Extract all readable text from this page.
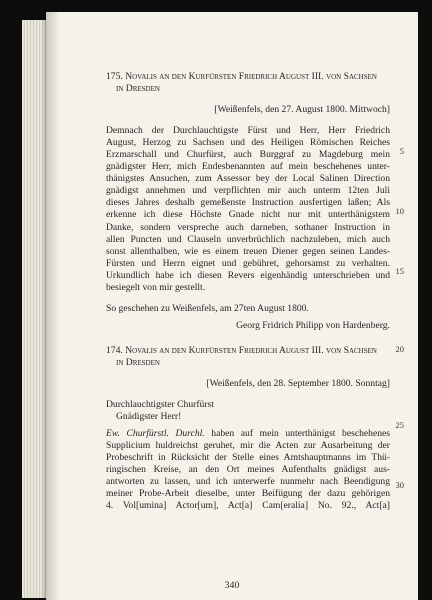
175. Novalis an den Kurfürsten Friedrich August III. von Sachsen
in Dresden
[Weißenfels, den 27. August 1800. Mittwoch]
Demnach der Durchlauchtigste Fürst und Herr, Herr Friedrich
August, Herzog zu Sachsen und des Heiligen Römischen Reiches
Erzmarschall und Churfürst, auch Burggraf zu Magdeburg mein
gnädigster Herr, mich Endesbenannten auf mein beschehenes unter-
thänigstes Ansuchen, zum Assessor bey der Local Salinen Direction
gnädigst annehmen und verpflichten mir auch unterm 12ten Juli
dieses Jahres deshalb gemeßenste Instruction ausfertigen laßen; Als
erkenne ich diese Höchste Gnade nicht nur mit unterthänigstem
Danke, sondern verspreche auch darneben, sothaner Instruction in
allen Puncten und Clauseln unverbrüchlich nachzuleben, mich auch
sonst allenthalben, wie es einem treuen Diener gegen seinen Landes-
Fürsten und Herrn eignet und gebühret, gehorsamst zu verhalten.
Urkundlich habe ich diesen Revers eigenhändig unterschrieben und
besiegelt von mir gestellt.
So geschehen zu Weißenfels, am 27ten August 1800.
Georg Fridrich Philipp von Hardenberg.
174. Novalis an den Kurfürsten Friedrich August III. von Sachsen
in Dresden
[Weißenfels, den 28. September 1800. Sonntag]
Durchlauchtigster Churfürst
Gnädigster Herr!
Ew. Churfürstl. Durchl. haben auf mein unterthänigst beschehenes
Supplicium huldreichst geruhet, mir die Acten zur Ausarbeitung der
Probeschrift in Rücksicht der Stelle eines Amtshauptmanns im Thü-
ringischen Kreise, an den Ort meines Aufenthalts gnädigst aus-
antworten zu lassen, und ich unterwerfe nunmehr nach Beendigung
meiner Probe-Arbeit dieselbe, unter Beifügung der dazu gehörigen
4. Vol[umina] Actor[um], Act[a] Cam[eralia] No. 92., Act[a]
5
10
15
20
25
30
340
